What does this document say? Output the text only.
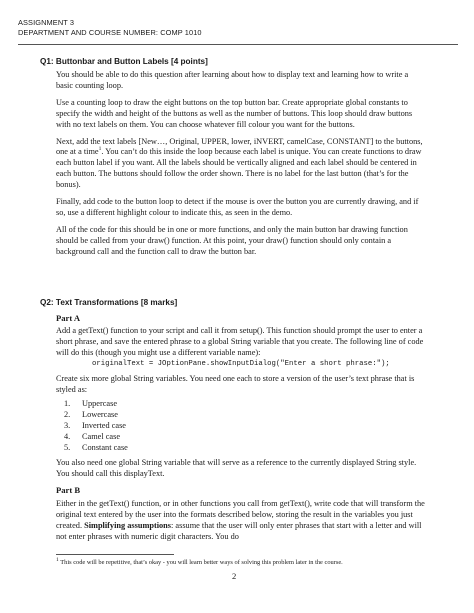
ASSIGNMENT 3
DEPARTMENT AND COURSE NUMBER: COMP 1010
Q1: Buttonbar and Button Labels [4 points]

You should be able to do this question after learning about how to display text and learning how to write a basic counting loop.

Use a counting loop to draw the eight buttons on the top button bar. Create appropriate global constants to specify the width and height of the buttons as well as the number of buttons. This loop should draw buttons with no text labels on them. You can choose whatever fill colour you want for the buttons.

Next, add the text labels [New…, Original, UPPER, lower, iNVERT, camelCase, CONSTANT] to the buttons, one at a time$^1$. You can’t do this inside the loop because each label is unique. You can create functions to draw each button label if you want. All the labels should be vertically aligned and each label should be centered in each button. The buttons should follow the order shown. There is no label for the last button (that’s for the bonus).

Finally, add code to the button loop to detect if the mouse is over the button you are currently drawing, and if so, use a different highlight colour to indicate this, as seen in the demo.

All of the code for this should be in one or more functions, and only the main button bar drawing function should be called from your draw() function. At this point, your draw() function should only contain a background call and the function call to draw the button bar.

Q2: Text Transformations [8 marks]
Part A
Add a getText() function to your script and call it from setup(). This function should prompt the user to enter a short phrase, and save the entered phrase to a global String variable that you create. The following line of code will do this (though you might use a different variable name):
originalText = JOptionPane.showInputDialog("Enter a short phrase:");
Create six more global String variables. You need one each to store a version of the user’s text phrase that is styled as:
1. Uppercase
2. Lowercase
3. Inverted case
4. Camel case
5. Constant case
You also need one global String variable that will serve as a reference to the currently displayed String style. You should call this displayText.
Part B
Either in the getText() function, or in other functions you call from getText(), write code that will transform the original text entered by the user into the formats described below, storing the result in the variables you just created. Simplifying assumptions: assume that the user will only enter phrases that start with a letter and will not enter phrases with numeric digit characters. You do
$^1$ This code will be repetitive, that’s okay - you will learn better ways of solving this problem later in the course.
2
